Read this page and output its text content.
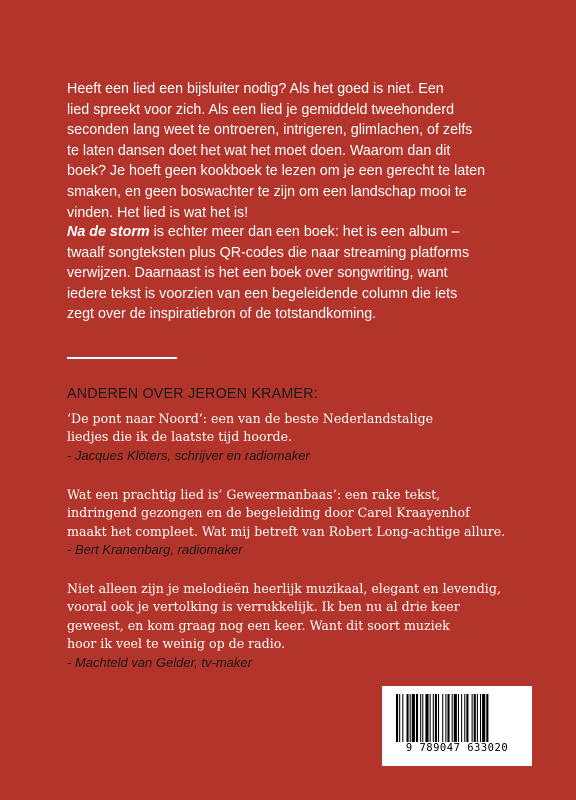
Heeft een lied een bijsluiter nodig? Als het goed is niet. Een
lied spreekt voor zich. Als een lied je gemiddeld tweehonderd
seconden lang weet te ontroeren, intrigeren, glimlachen, of zelfs
te laten dansen doet het wat het moet doen. Waarom dan dit
boek? Je hoeft geen kookboek te lezen om je een gerecht te laten
smaken, en geen boswachter te zijn om een landschap mooi te
vinden. Het lied is wat het is!
Na de storm is echter meer dan een boek: het is een album –
twaalf songteksten plus QR-codes die naar streaming platforms
verwijzen. Daarnaast is het een boek over songwriting, want
iedere tekst is voorzien van een begeleidende column die iets
zegt over de inspiratiebron of de totstandkoming.
ANDEREN OVER JEROEN KRAMER:
‘De pont naar Noord’: een van de beste Nederlandstalige
liedjes die ik de laatste tijd hoorde.
- Jacques Klöters, schrijver en radiomaker
Wat een prachtig lied is’ Geweermanbaas’: een rake tekst,
indringend gezongen en de begeleiding door Carel Kraayenhof
maakt het compleet. Wat mij betreft van Robert Long-achtige allure.
- Bert Kranenbarg, radiomaker
Niet alleen zijn je melodieën heerlijk muzikaal, elegant en levendig,
vooral ook je vertolking is verrukkelijk. Ik ben nu al drie keer
geweest, en kom graag nog een keer. Want dit soort muziek
hoor ik veel te weinig op de radio.
- Machteld van Gelder, tv-maker
9 789047 633020
